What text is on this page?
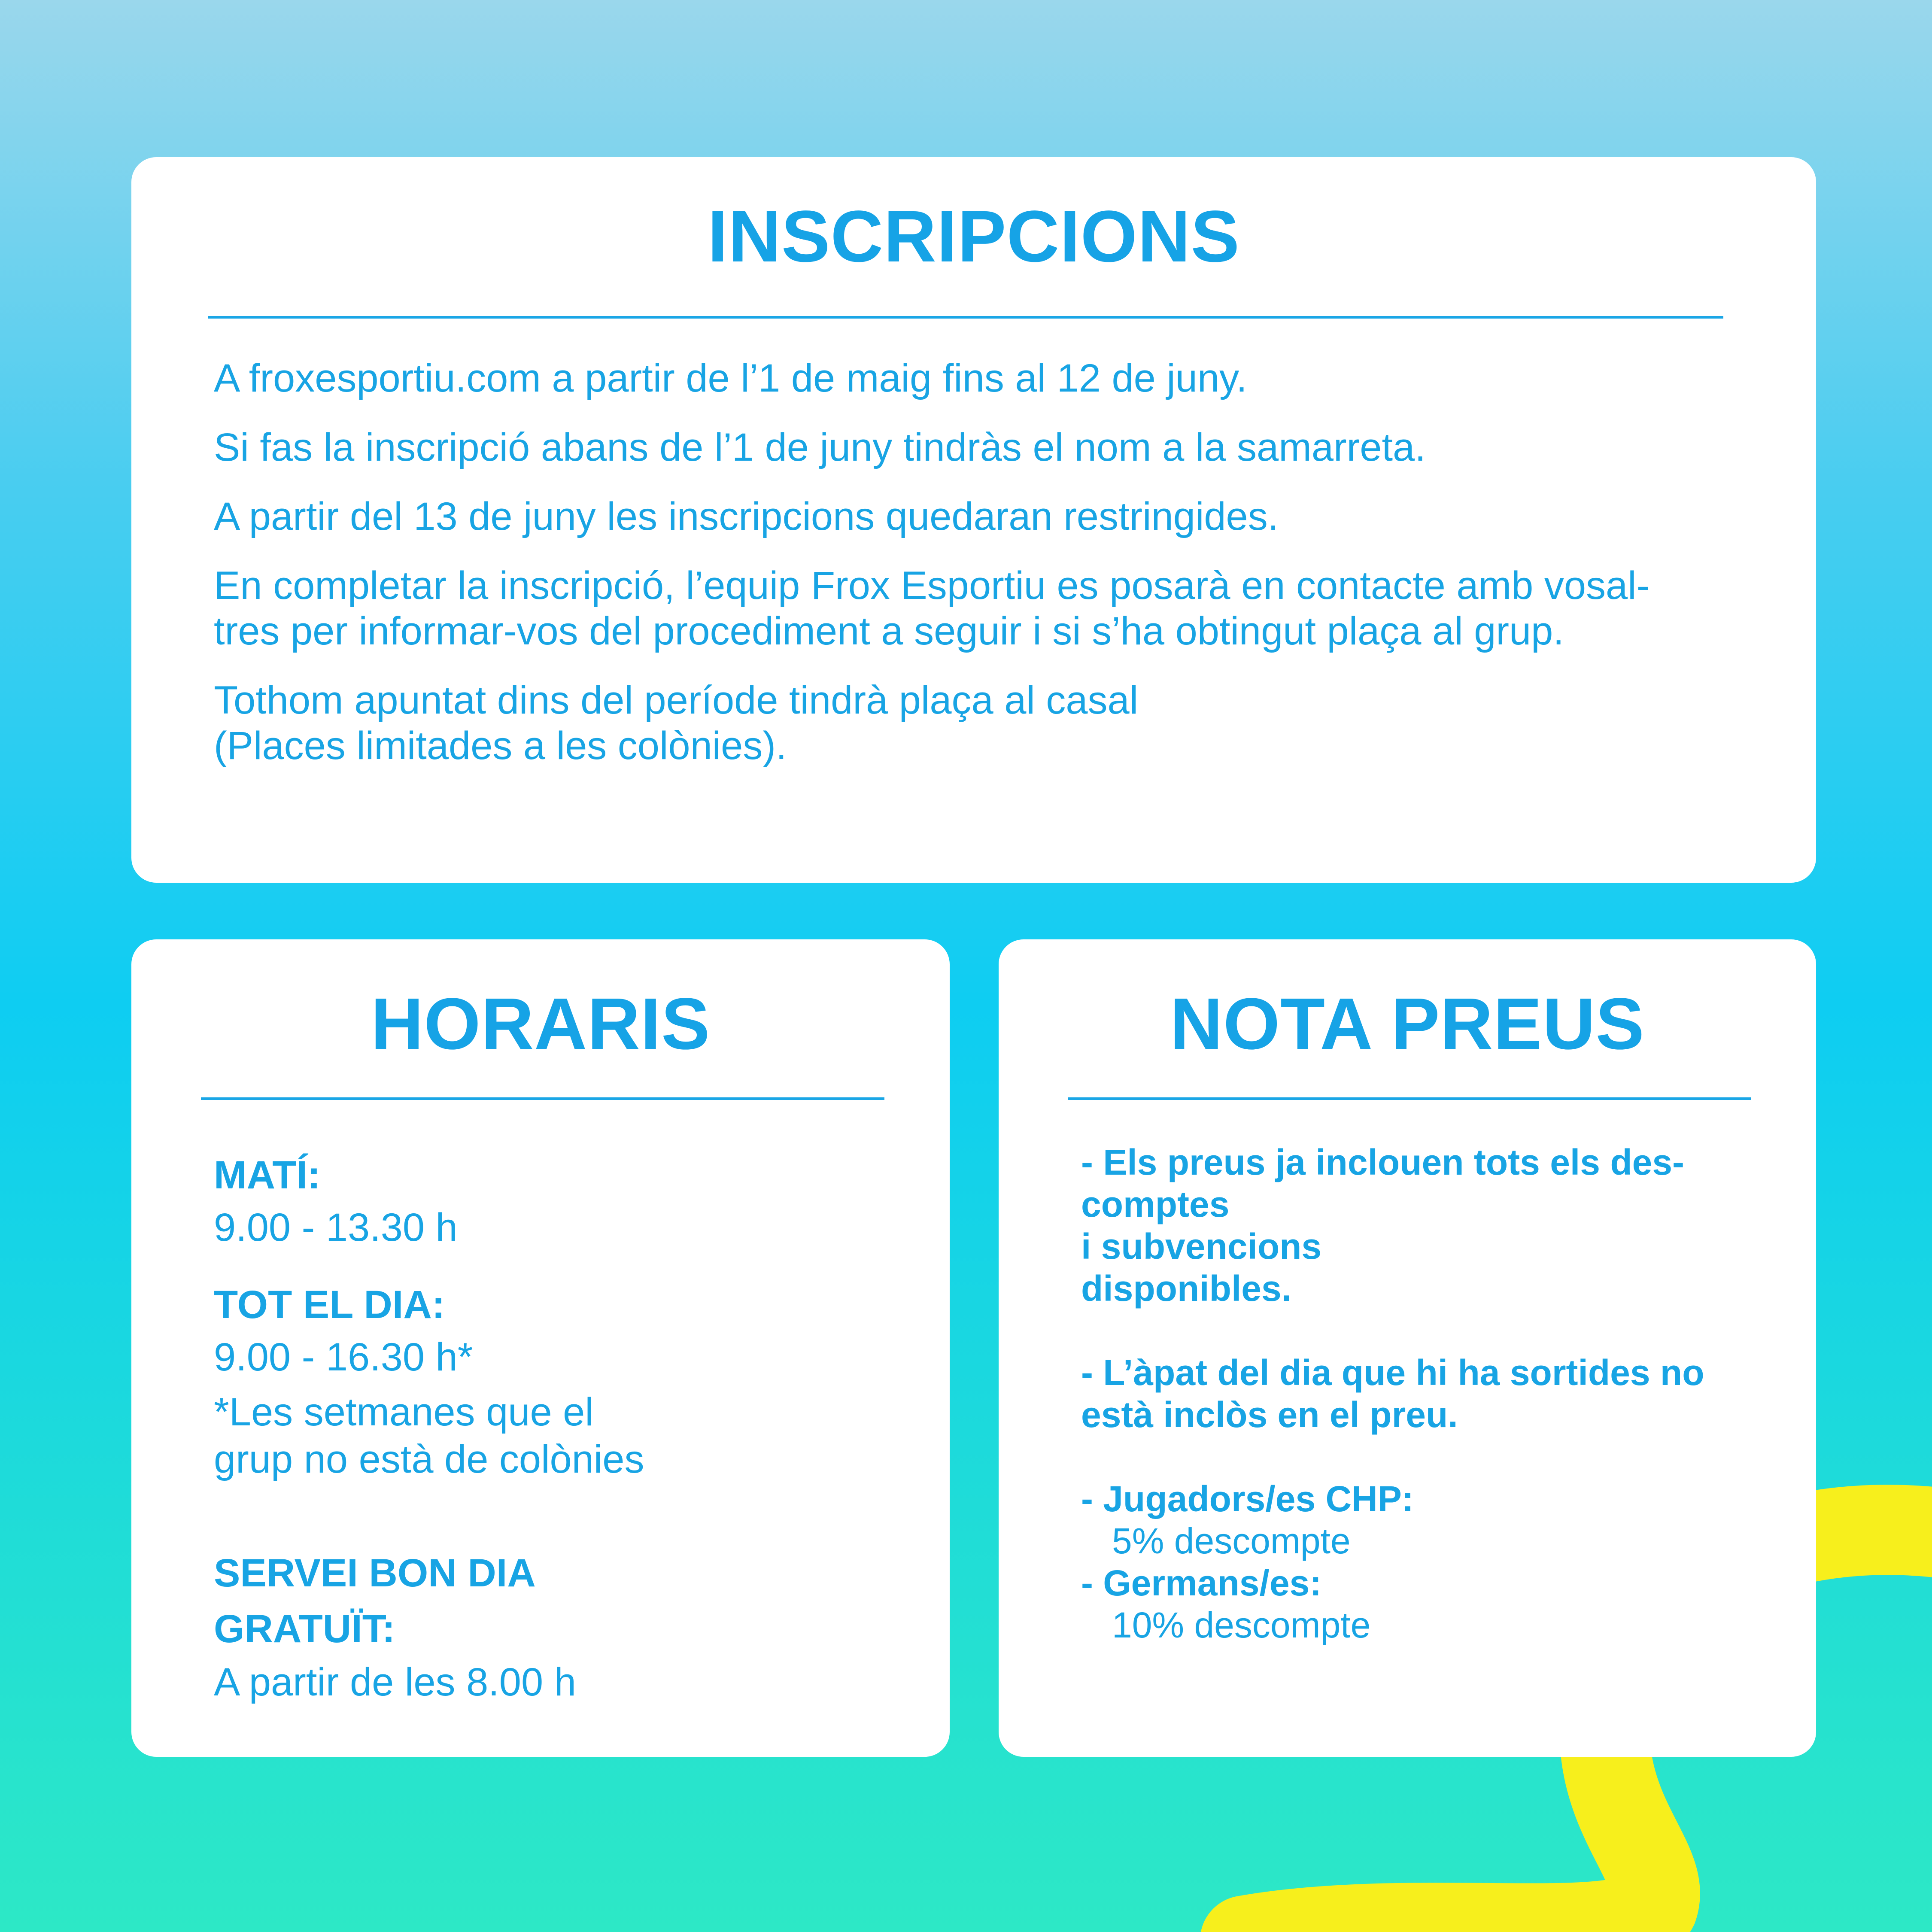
INSCRIPCIONS

A froxesportiu.com a partir de l’1 de maig fins al 12 de juny.

Si fas la inscripció abans de l’1 de juny tindràs el nom a la samarreta.

A partir del 13 de juny les inscripcions quedaran restringides.

En completar la inscripció, l’equip Frox Esportiu es posarà en contacte amb vosal-
tres per informar-vos del procediment a seguir i si s’ha obtingut plaça al grup.

Tothom apuntat dins del període tindrà plaça al casal
(Places limitades a les colònies).

HORARIS
MATÍ:
9.00 - 13.30 h
TOT EL DIA:
9.00 - 16.30 h*
*Les setmanes que el
grup no està de colònies
SERVEI BON DIA
GRATUÏT:
A partir de les 8.00 h
NOTA PREUS
- Els preus ja inclouen tots els des-
comptes
i subvencions
disponibles.
- L’àpat del dia que hi ha sortides no
està inclòs en el preu.
- Jugadors/es CHP:
5% descompte
- Germans/es:
10% descompte
